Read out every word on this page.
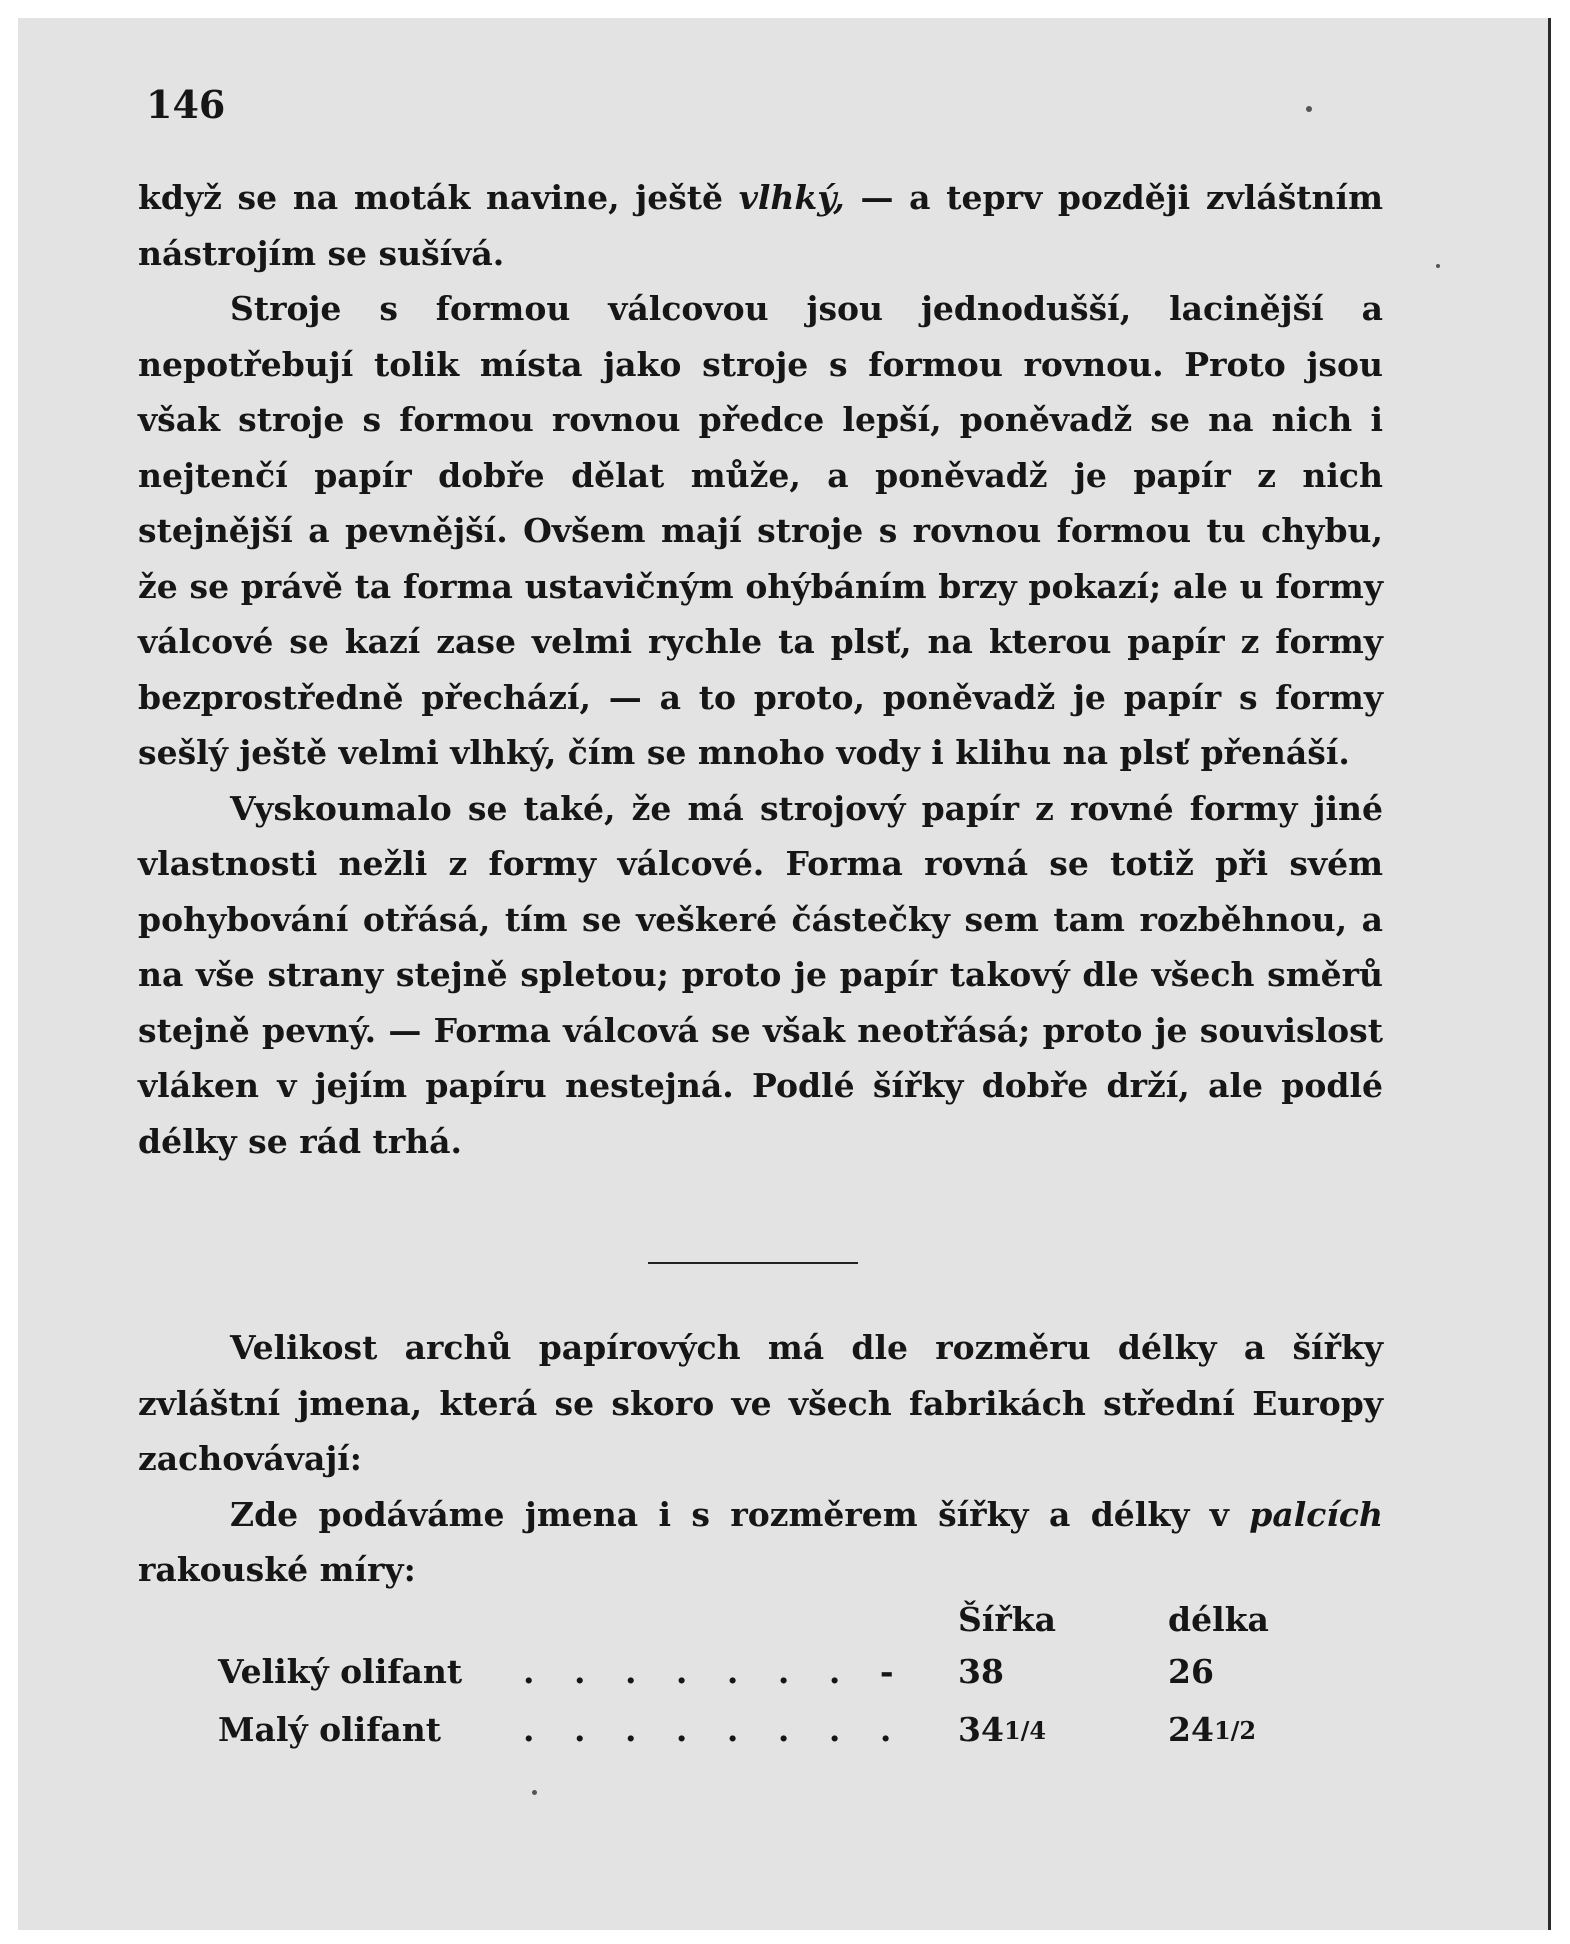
146

když se na moták navine, ještě vlhký, — a teprv později zvláštním nástrojím se sušívá.

Stroje s formou válcovou jsou jednodušší, lacinější a nepotřebují tolik místa jako stroje s formou rovnou. Proto jsou však stroje s formou rovnou předce lepší, poněvadž se na nich i nejtenčí papír dobře dělat může, a poněvadž je papír z nich stejnější a pevnější. Ovšem mají stroje s rovnou formou tu chybu, že se právě ta forma ustavičným ohýbáním brzy pokazí; ale u formy válcové se kazí zase velmi rychle ta plsť, na kterou papír z formy bezprostředně přechází, — a to proto, poněvadž je papír s formy sešlý ještě velmi vlhký, čím se mnoho vody i klihu na plsť přenáší.

Vyskoumalo se také, že má strojový papír z rovné formy jiné vlastnosti nežli z formy válcové. Forma rovná se totiž při svém pohybování otřásá, tím se veškeré částečky sem tam rozběhnou, a na vše strany stejně spletou; proto je papír takový dle všech směrů stejně pevný. — Forma válcová se však neotřásá; proto je souvislost vláken v jejím papíru nestejná. Podlé šířky dobře drží, ale podlé délky se rád trhá.

Velikost archů papírových má dle rozměru délky a šířky zvláštní jmena, která se skoro ve všech fabrikách střední Europy zachovávají:

Zde podáváme jmena i s rozměrem šířky a délky v palcích rakouské míry:

Šířka	délka
Veliký olifant . . . . . . . - 38	26
Malý olifant . . . . . . . . 341/4	241/2
